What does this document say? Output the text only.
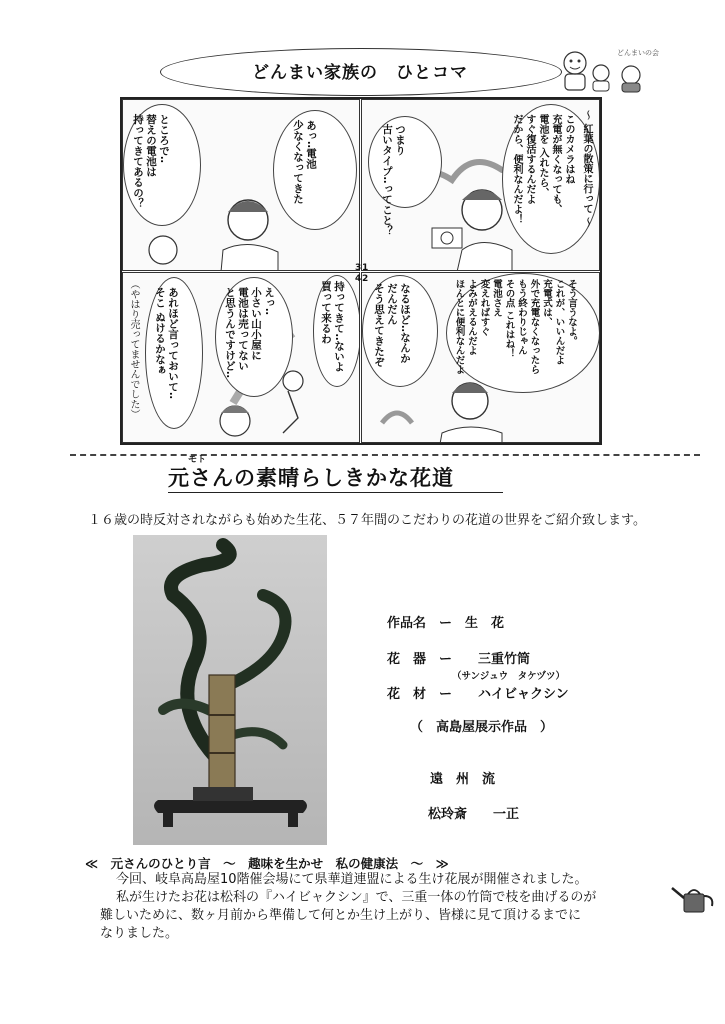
どんまい家族の　ひとコマ
どんまいの会
つまり
古いタイプ‥ってこと？	このカメラはね
充電が無くなっても、
電池を 入れたら、
すぐ復活するんだよ
だから、便利なんだよ！	〜 紅葉の散策に行って 〜
ところで‥
替えの電池は
持ってきてあるの？	あっ‥電池
少なくなってきた
なるほど‥なんか
だんだん
そう思えてきたぞ	そう言うなよ。
これが、いいんだよ
充電式は、
外で充電なくなったら
もう終わりじゃん
その点 これはね！
電池さえ
変えればすぐ
よみがえるんだよ
ほんとに便利なんだよ
（やはり売ってませんでした）	あれほど言っておいて‥
そこ ぬけるかなぁ
えっ‥
小さい山小屋に
電池は売ってない
と思うんですけど‥	持ってきて‥ないよ
買って来るわ
3 1
4 2
モト
元さんの素晴らしきかな花道
１６歳の時反対されながらも始めた生花、５７年間のこだわりの花道の世界をご紹介致します。
作品名　ー　生　花
花　器　ー　　三重竹筒
（サンジュウ　タケヅツ）
花　材　ー　　ハイビャクシン
（　高島屋展示作品　）
遠　州　流
松玲斎　　一正
≪　元さんのひとり言　〜　趣味を生かせ　私の健康法　〜　≫
今回、岐阜高島屋10階催会場にて県華道連盟による生け花展が開催されました。
私が生けたお花は松科の『ハイビャクシン』で、三重一体の竹筒で枝を曲げるのが
難しいために、数ヶ月前から準備して何とか生け上がり、皆様に見て頂けるまでに
なりました。
